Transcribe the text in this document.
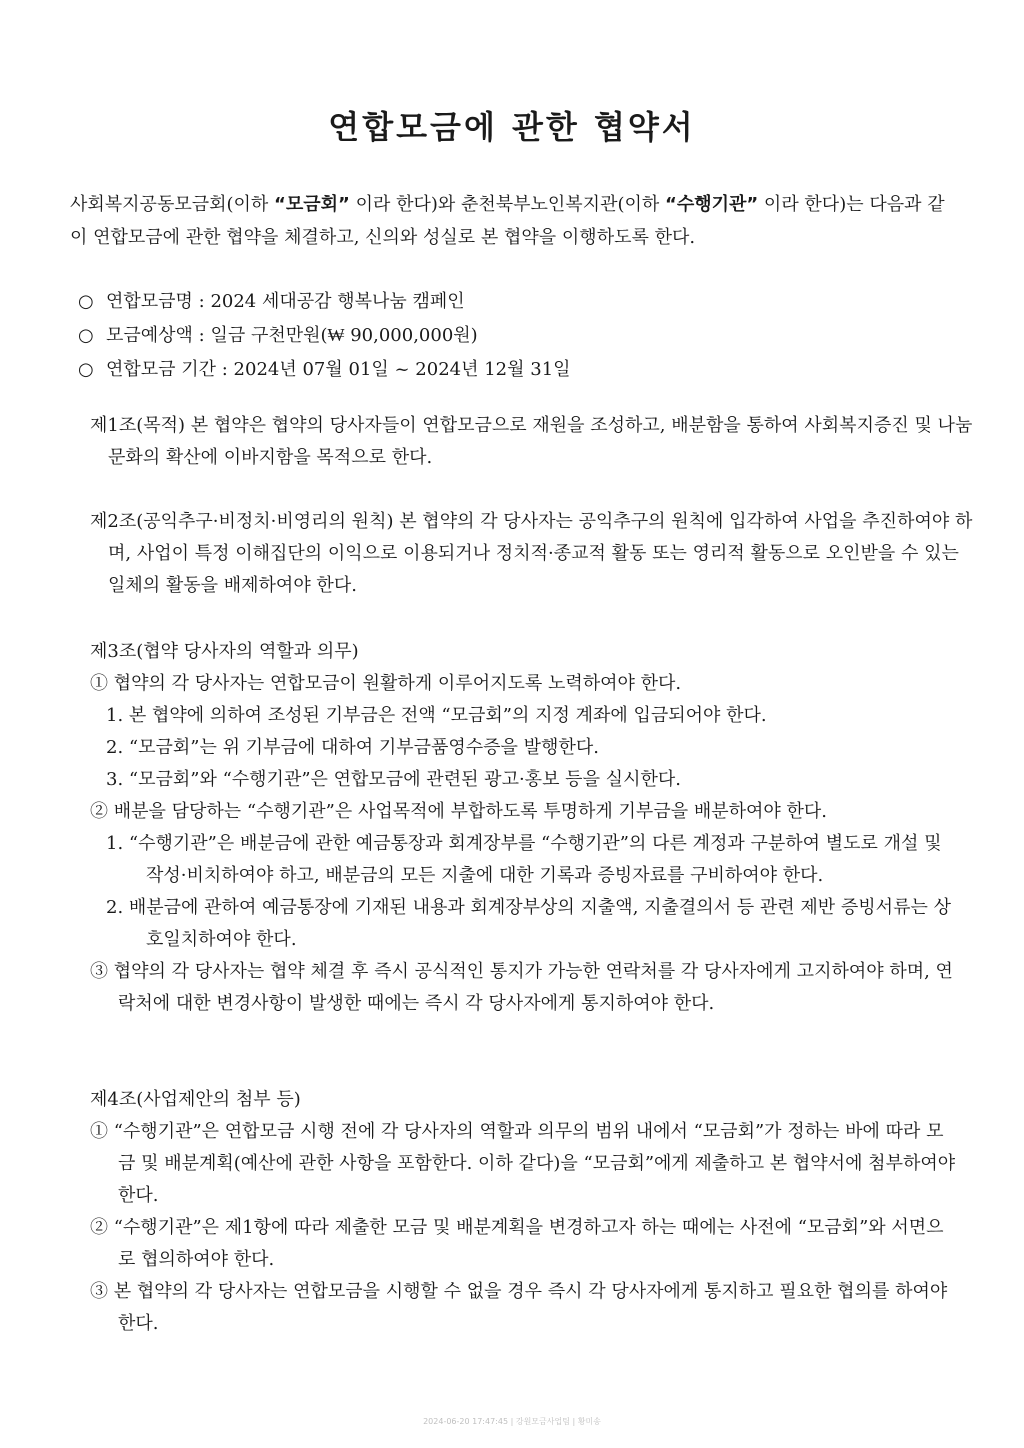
연합모금에 관한 협약서

사회복지공동모금회(이하 “모금회” 이라 한다)와 춘천북부노인복지관(이하 “수행기관” 이라 한다)는 다음과 같이 연합모금에 관한 협약을 체결하고, 신의와 성실로 본 협약을 이행하도록 한다.

○ 연합모금명 : 2024 세대공감 행복나눔 캠페인
○ 모금예상액 : 일금 구천만원(₩ 90,000,000원)
○ 연합모금 기간 : 2024년 07월 01일 ~ 2024년 12월 31일

제1조(목적) 본 협약은 협약의 당사자들이 연합모금으로 재원을 조성하고, 배분함을 통하여 사회복지증진 및 나눔문화의 확산에 이바지함을 목적으로 한다.

제2조(공익추구·비정치·비영리의 원칙) 본 협약의 각 당사자는 공익추구의 원칙에 입각하여 사업을 추진하여야 하며, 사업이 특정 이해집단의 이익으로 이용되거나 정치적·종교적 활동 또는 영리적 활동으로 오인받을 수 있는 일체의 활동을 배제하여야 한다.

제3조(협약 당사자의 역할과 의무)

① 협약의 각 당사자는 연합모금이 원활하게 이루어지도록 노력하여야 한다.

1. 본 협약에 의하여 조성된 기부금은 전액 “모금회”의 지정 계좌에 입금되어야 한다.

2. “모금회”는 위 기부금에 대하여 기부금품영수증을 발행한다.

3. “모금회”와 “수행기관”은 연합모금에 관련된 광고·홍보 등을 실시한다.

② 배분을 담당하는 “수행기관”은 사업목적에 부합하도록 투명하게 기부금을 배분하여야 한다.

1. “수행기관”은 배분금에 관한 예금통장과 회계장부를 “수행기관”의 다른 계정과 구분하여 별도로 개설 및 작성·비치하여야 하고, 배분금의 모든 지출에 대한 기록과 증빙자료를 구비하여야 한다.

2. 배분금에 관하여 예금통장에 기재된 내용과 회계장부상의 지출액, 지출결의서 등 관련 제반 증빙서류는 상호일치하여야 한다.

③ 협약의 각 당사자는 협약 체결 후 즉시 공식적인 통지가 가능한 연락처를 각 당사자에게 고지하여야 하며, 연락처에 대한 변경사항이 발생한 때에는 즉시 각 당사자에게 통지하여야 한다.

제4조(사업제안의 첨부 등)

① “수행기관”은 연합모금 시행 전에 각 당사자의 역할과 의무의 범위 내에서 “모금회”가 정하는 바에 따라 모금 및 배분계획(예산에 관한 사항을 포함한다. 이하 같다)을 “모금회”에게 제출하고 본 협약서에 첨부하여야 한다.

② “수행기관”은 제1항에 따라 제출한 모금 및 배분계획을 변경하고자 하는 때에는 사전에 “모금회”와 서면으로 협의하여야 한다.

③ 본 협약의 각 당사자는 연합모금을 시행할 수 없을 경우 즉시 각 당사자에게 통지하고 필요한 협의를 하여야 한다.

2024-06-20 17:47:45 | 강원모금사업팀 | 황미송
